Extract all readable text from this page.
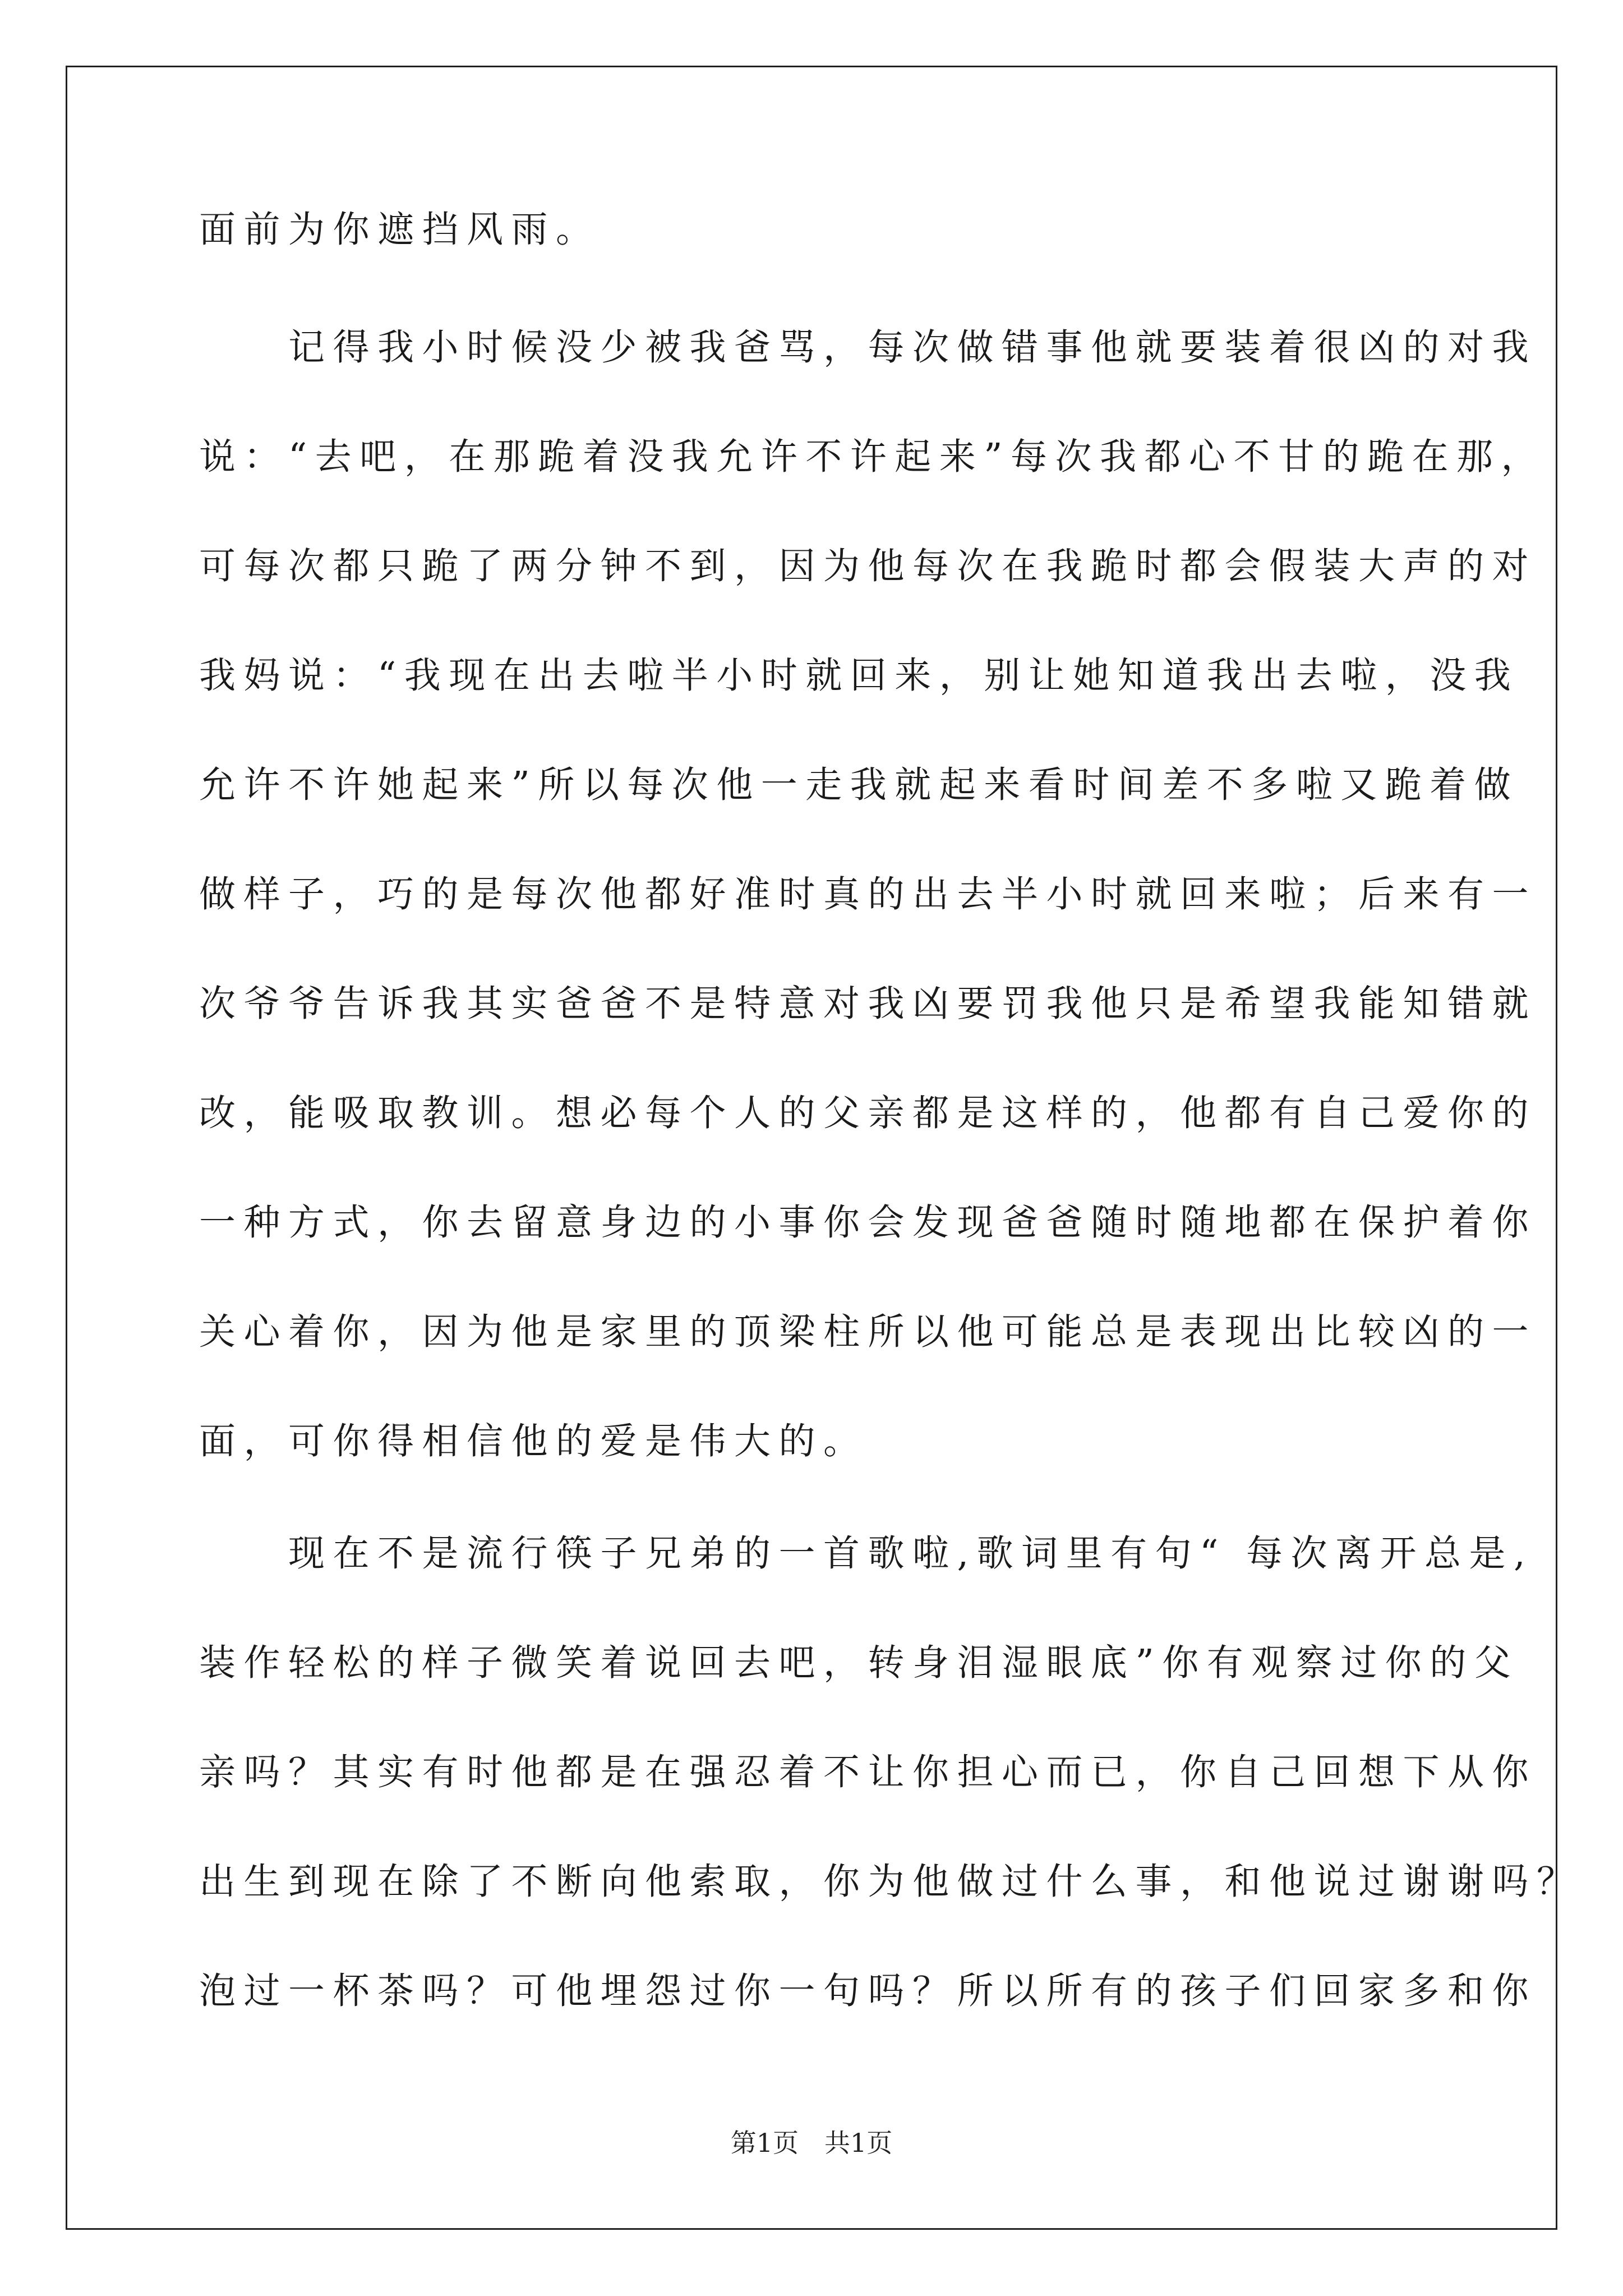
面前为你遮挡风雨。
　　记得我小时候没少被我爸骂，每次做错事他就要装着很凶的对我
说：“去吧，在那跪着没我允许不许起来”每次我都心不甘的跪在那，
可每次都只跪了两分钟不到，因为他每次在我跪时都会假装大声的对
我妈说：“我现在出去啦半小时就回来，别让她知道我出去啦，没我
允许不许她起来”所以每次他一走我就起来看时间差不多啦又跪着做
做样子，巧的是每次他都好准时真的出去半小时就回来啦；后来有一
次爷爷告诉我其实爸爸不是特意对我凶要罚我他只是希望我能知错就
改，能吸取教训。想必每个人的父亲都是这样的，他都有自己爱你的
一种方式，你去留意身边的小事你会发现爸爸随时随地都在保护着你
关心着你，因为他是家里的顶梁柱所以他可能总是表现出比较凶的一
面，可你得相信他的爱是伟大的。
　　现在不是流行筷子兄弟的一首歌啦,歌词里有句“ 每次离开总是,
装作轻松的样子微笑着说回去吧，转身泪湿眼底”你有观察过你的父
亲吗？其实有时他都是在强忍着不让你担心而已，你自己回想下从你
出生到现在除了不断向他索取，你为他做过什么事，和他说过谢谢吗？
泡过一杯茶吗？可他埋怨过你一句吗？所以所有的孩子们回家多和你
第1页　共1页
